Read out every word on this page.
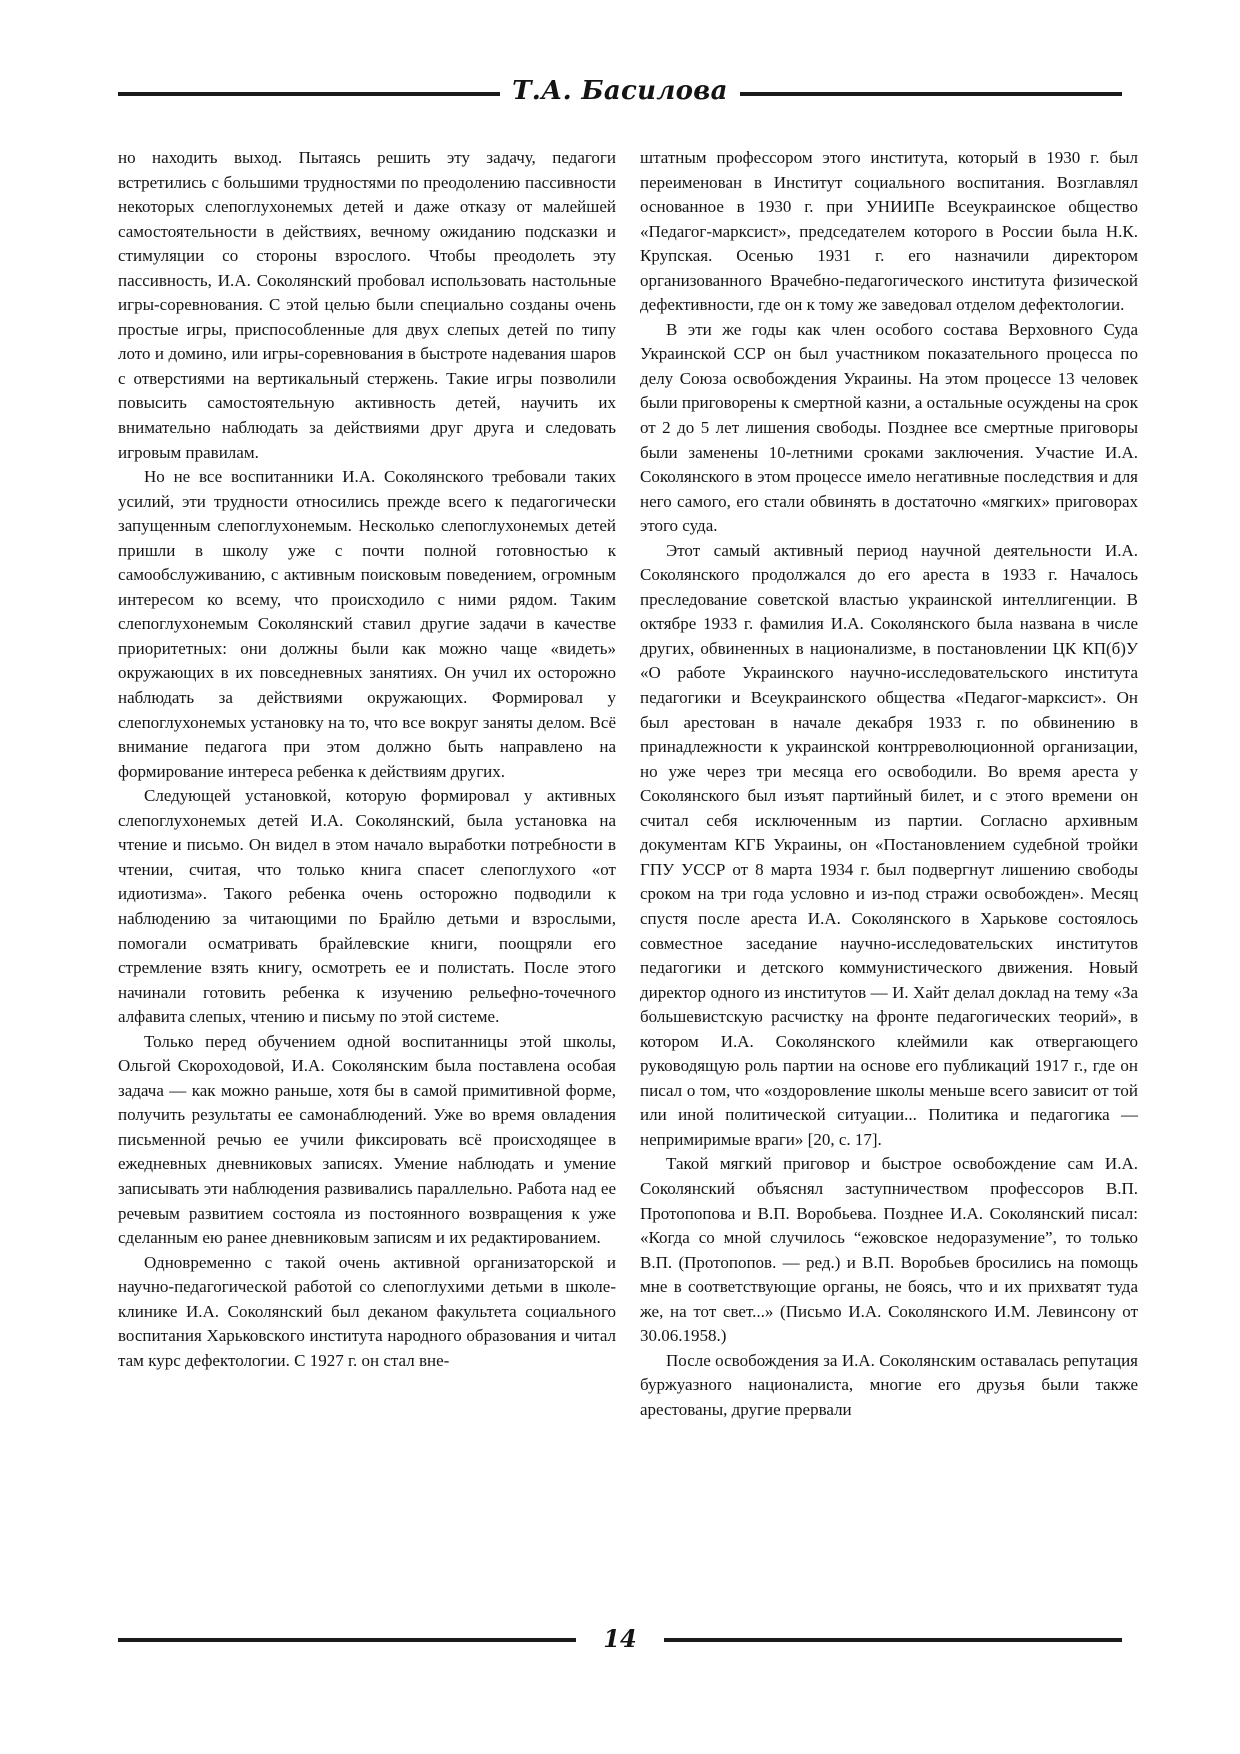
Т.А. Басилова

но находить выход. Пытаясь решить эту задачу, педагоги встретились с большими трудностями по преодолению пассивности некоторых слепоглухонемых детей и даже отказу от малейшей самостоятельности в действиях, вечному ожиданию подсказки и стимуляции со стороны взрослого. Чтобы преодолеть эту пассивность, И.А. Соколянский пробовал использовать настольные игры-соревнования. С этой целью были специально созданы очень простые игры, приспособленные для двух слепых детей по типу лото и домино, или игры-соревнования в быстроте надевания шаров с отверстиями на вертикальный стержень. Такие игры позволили повысить самостоятельную активность детей, научить их внимательно наблюдать за действиями друг друга и следовать игровым правилам.

Но не все воспитанники И.А. Соколянского требовали таких усилий, эти трудности относились прежде всего к педагогически запущенным слепоглухонемым. Несколько слепоглухонемых детей пришли в школу уже с почти полной готовностью к самообслуживанию, с активным поисковым поведением, огромным интересом ко всему, что происходило с ними рядом. Таким слепоглухонемым Соколянский ставил другие задачи в качестве приоритетных: они должны были как можно чаще «видеть» окружающих в их повседневных занятиях. Он учил их осторожно наблюдать за действиями окружающих. Формировал у слепоглухонемых установку на то, что все вокруг заняты делом. Всё внимание педагога при этом должно быть направлено на формирование интереса ребенка к действиям других.

Следующей установкой, которую формировал у активных слепоглухонемых детей И.А. Соколянский, была установка на чтение и письмо. Он видел в этом начало выработки потребности в чтении, считая, что только книга спасет слепоглухого «от идиотизма». Такого ребенка очень осторожно подводили к наблюдению за читающими по Брайлю детьми и взрослыми, помогали осматривать брайлевские книги, поощряли его стремление взять книгу, осмотреть ее и полистать. После этого начинали готовить ребенка к изучению рельефно-точечного алфавита слепых, чтению и письму по этой системе.

Только перед обучением одной воспитанницы этой школы, Ольгой Скороходовой, И.А. Соколянским была поставлена особая задача — как можно раньше, хотя бы в самой примитивной форме, получить результаты ее самонаблюдений. Уже во время овладения письменной речью ее учили фиксировать всё происходящее в ежедневных дневниковых записях. Умение наблюдать и умение записывать эти наблюдения развивались параллельно. Работа над ее речевым развитием состояла из постоянного возвращения к уже сделанным ею ранее дневниковым записям и их редактированием.

Одновременно с такой очень активной организаторской и научно-педагогической работой со слепоглухими детьми в школе-клинике И.А. Соколянский был деканом факультета социального воспитания Харьковского института народного образования и читал там курс дефектологии. С 1927 г. он стал вне-

штатным профессором этого института, который в 1930 г. был переименован в Институт социального воспитания. Возглавлял основанное в 1930 г. при УНИИПе Всеукраинское общество «Педагог-марксист», председателем которого в России была Н.К. Крупская. Осенью 1931 г. его назначили директором организованного Врачебно-педагогического института физической дефективности, где он к тому же заведовал отделом дефектологии.

В эти же годы как член особого состава Верховного Суда Украинской ССР он был участником показательного процесса по делу Союза освобождения Украины. На этом процессе 13 человек были приговорены к смертной казни, а остальные осуждены на срок от 2 до 5 лет лишения свободы. Позднее все смертные приговоры были заменены 10-летними сроками заключения. Участие И.А. Соколянского в этом процессе имело негативные последствия и для него самого, его стали обвинять в достаточно «мягких» приговорах этого суда.

Этот самый активный период научной деятельности И.А. Соколянского продолжался до его ареста в 1933 г. Началось преследование советской властью украинской интеллигенции. В октябре 1933 г. фамилия И.А. Соколянского была названа в числе других, обвиненных в национализме, в постановлении ЦК КП(б)У «О работе Украинского научно-исследовательского института педагогики и Всеукраинского общества «Педагог-марксист». Он был арестован в начале декабря 1933 г. по обвинению в принадлежности к украинской контрреволюционной организации, но уже через три месяца его освободили. Во время ареста у Соколянского был изъят партийный билет, и с этого времени он считал себя исключенным из партии. Согласно архивным документам КГБ Украины, он «Постановлением судебной тройки ГПУ УССР от 8 марта 1934 г. был подвергнут лишению свободы сроком на три года условно и из-под стражи освобожден». Месяц спустя после ареста И.А. Соколянского в Харькове состоялось совместное заседание научно-исследовательских институтов педагогики и детского коммунистического движения. Новый директор одного из институтов — И. Хайт делал доклад на тему «За большевистскую расчистку на фронте педагогических теорий», в котором И.А. Соколянского клеймили как отвергающего руководящую роль партии на основе его публикаций 1917 г., где он писал о том, что «оздоровление школы меньше всего зависит от той или иной политической ситуации... Политика и педагогика — непримиримые враги» [20, с. 17].

Такой мягкий приговор и быстрое освобождение сам И.А. Соколянский объяснял заступничеством профессоров В.П. Протопопова и В.П. Воробьева. Позднее И.А. Соколянский писал: «Когда со мной случилось “ежовское недоразумение”, то только В.П. (Протопопов. — ред.) и В.П. Воробьев бросились на помощь мне в соответствующие органы, не боясь, что и их прихватят туда же, на тот свет...» (Письмо И.А. Соколянского И.М. Левинсону от 30.06.1958.)

После освобождения за И.А. Соколянским оставалась репутация буржуазного националиста, многие его друзья были также арестованы, другие прервали

14
